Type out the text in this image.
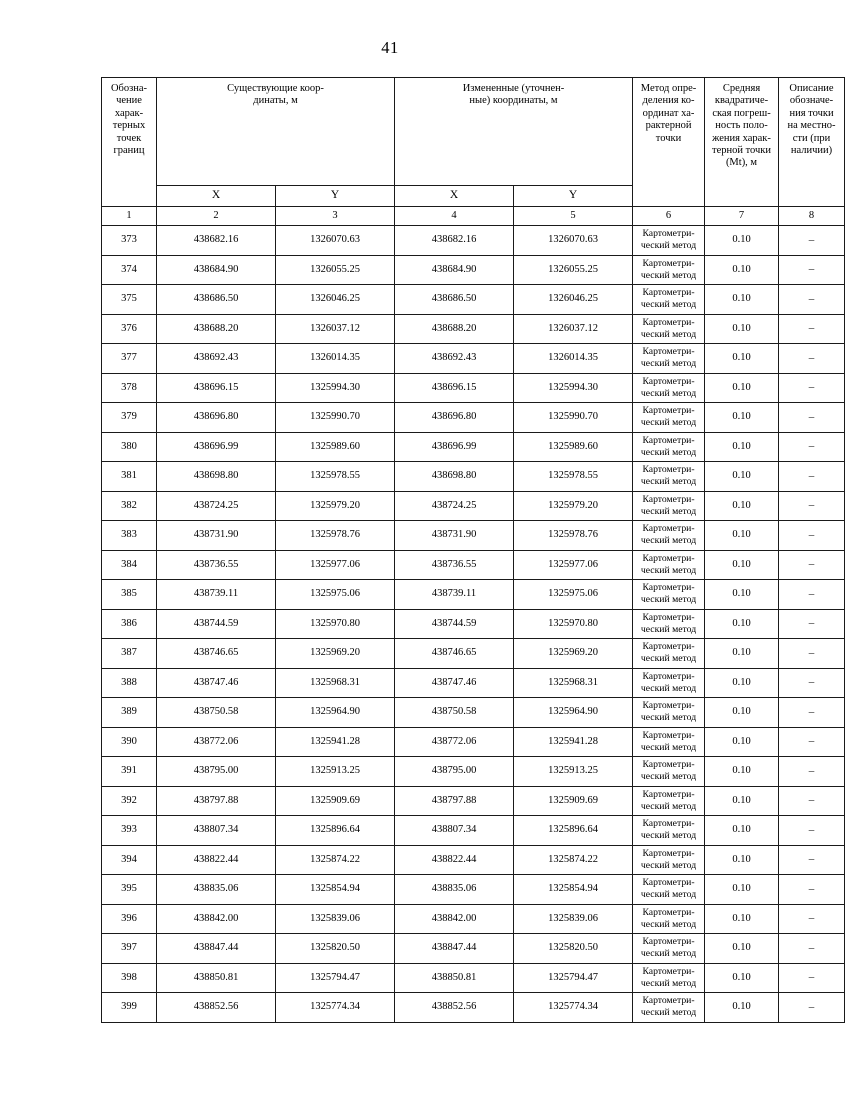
41
Обозна-
чение
харак-
терных
точек
границ

Существующие коор-
динаты, м

Измененные (уточнен-
ные) координаты, м

Метод опре-
деления ко-
ординат ха-
рактерной
точки

Средняя
квадратиче-
ская погреш-
ность поло-
жения харак-
терной точки
(Mt), м

Описание
обозначе-
ния точки
на местно-
сти (при
наличии)

	X	Y	X	Y			
1	2	3	4	5	6	7	8
373	438682.16	1326070.63	438682.16	1326070.63	Картометри-
ческий метод	0.10	–
374	438684.90	1326055.25	438684.90	1326055.25	Картометри-
ческий метод	0.10	–
375	438686.50	1326046.25	438686.50	1326046.25	Картометри-
ческий метод	0.10	–
376	438688.20	1326037.12	438688.20	1326037.12	Картометри-
ческий метод	0.10	–
377	438692.43	1326014.35	438692.43	1326014.35	Картометри-
ческий метод	0.10	–
378	438696.15	1325994.30	438696.15	1325994.30	Картометри-
ческий метод	0.10	–
379	438696.80	1325990.70	438696.80	1325990.70	Картометри-
ческий метод	0.10	–
380	438696.99	1325989.60	438696.99	1325989.60	Картометри-
ческий метод	0.10	–
381	438698.80	1325978.55	438698.80	1325978.55	Картометри-
ческий метод	0.10	–
382	438724.25	1325979.20	438724.25	1325979.20	Картометри-
ческий метод	0.10	–
383	438731.90	1325978.76	438731.90	1325978.76	Картометри-
ческий метод	0.10	–
384	438736.55	1325977.06	438736.55	1325977.06	Картометри-
ческий метод	0.10	–
385	438739.11	1325975.06	438739.11	1325975.06	Картометри-
ческий метод	0.10	–
386	438744.59	1325970.80	438744.59	1325970.80	Картометри-
ческий метод	0.10	–
387	438746.65	1325969.20	438746.65	1325969.20	Картометри-
ческий метод	0.10	–
388	438747.46	1325968.31	438747.46	1325968.31	Картометри-
ческий метод	0.10	–
389	438750.58	1325964.90	438750.58	1325964.90	Картометри-
ческий метод	0.10	–
390	438772.06	1325941.28	438772.06	1325941.28	Картометри-
ческий метод	0.10	–
391	438795.00	1325913.25	438795.00	1325913.25	Картометри-
ческий метод	0.10	–
392	438797.88	1325909.69	438797.88	1325909.69	Картометри-
ческий метод	0.10	–
393	438807.34	1325896.64	438807.34	1325896.64	Картометри-
ческий метод	0.10	–
394	438822.44	1325874.22	438822.44	1325874.22	Картометри-
ческий метод	0.10	–
395	438835.06	1325854.94	438835.06	1325854.94	Картометри-
ческий метод	0.10	–
396	438842.00	1325839.06	438842.00	1325839.06	Картометри-
ческий метод	0.10	–
397	438847.44	1325820.50	438847.44	1325820.50	Картометри-
ческий метод	0.10	–
398	438850.81	1325794.47	438850.81	1325794.47	Картометри-
ческий метод	0.10	–
399	438852.56	1325774.34	438852.56	1325774.34	Картометри-
ческий метод	0.10	–
